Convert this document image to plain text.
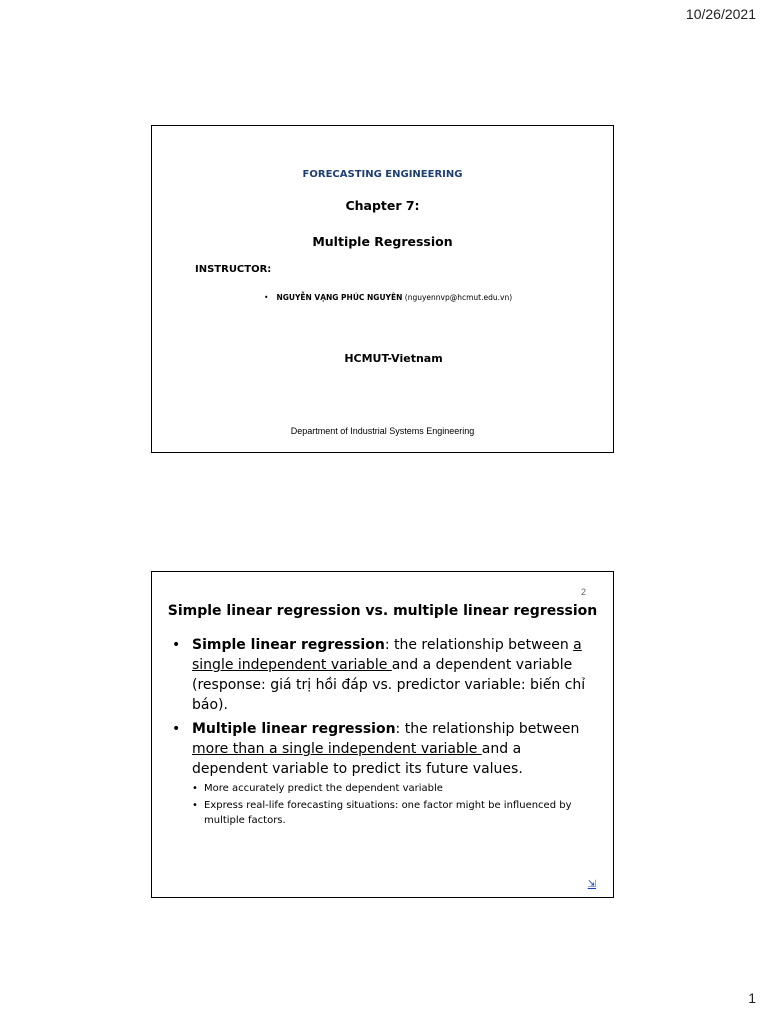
10/26/2021
FORECASTING ENGINEERING
Chapter 7:
Multiple Regression
INSTRUCTOR:
• NGUYỄN VẠNG PHÚC NGUYÊN (nguyennvp@hcmut.edu.vn)
HCMUT-Vietnam
Department of Industrial Systems Engineering
2
Simple linear regression vs. multiple linear regression
• Simple linear regression: the relationship between a single independent variable and a dependent variable (response: giá trị hồi đáp vs. predictor variable: biến chỉ báo).
• Multiple linear regression: the relationship between more than a single independent variable and a dependent variable to predict its future values.
• More accurately predict the dependent variable
• Express real-life forecasting situations: one factor might be influenced by multiple factors.
⇲
1
